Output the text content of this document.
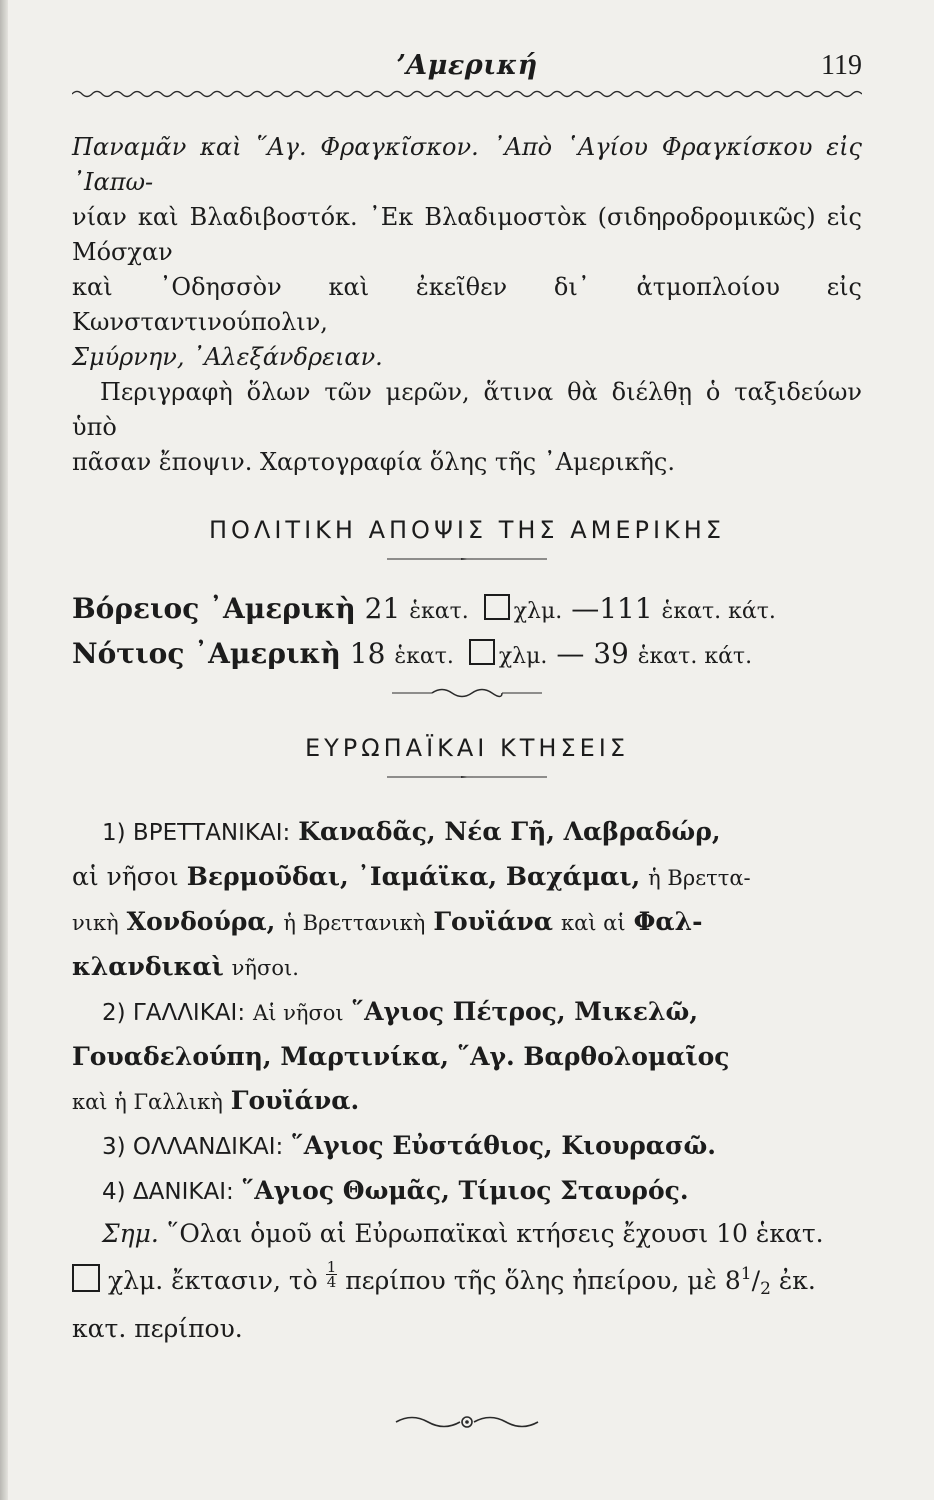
ʼΑμερική	119

Παναμᾶν καὶ ῞Αγ. Φραγκῖσκον. ᾿Απὸ ῾Αγίου Φραγκίσκου εἰς ᾿Ιαπω-

νίαν καὶ Βλαδιβοστόκ. ᾿Εκ Βλαδιμοστὸκ (σιδηροδρομικῶς) εἰς Μόσχαν

καὶ ᾿Οδησσὸν καὶ ἐκεῖθεν δι᾿ ἀτμοπλοίου εἰς Κωνσταντινούπολιν,

Σμύρνην, ᾿Αλεξάνδρειαν.

Περιγραφὴ ὅλων τῶν μερῶν, ἅτινα θὰ διέλθῃ ὁ ταξιδεύων ὑπὸ

πᾶσαν ἔποψιν. Χαρτογραφία ὅλης τῆς ᾿Αμερικῆς.

ΠΟΛΙΤΙΚΗ ΑΠΟΨΙΣ ΤΗΣ ΑΜΕΡΙΚΗΣ

Βόρειος ᾿Αμερικὴ 21 ἑκατ. χλμ. —111 ἑκατ. κάτ.

Νότιος ᾿Αμερικὴ 18 ἑκατ. χλμ. — 39 ἑκατ. κάτ.

ΕΥΡΩΠΑΪΚΑΙ ΚΤΗΣΕΙΣ

1) ΒΡΕΤΤΑΝΙΚΑΙ: Καναδᾶς, Νέα Γῆ, Λαβραδώρ,

αἱ νῆσοι Βερμοῦδαι, ᾿Ιαμάϊκα, Βαχάμαι, ἡ Βρεττα-

νικὴ Χονδούρα, ἡ Βρεττανικὴ Γουϊάνα καὶ αἱ Φαλ-

κλανδικαὶ νῆσοι.

2) ΓΑΛΛΙΚΑΙ: Αἱ νῆσοι ῞Αγιος Πέτρος, Μικελῶ,

Γουαδελούπη, Μαρτινίκα, ῞Αγ. Βαρθολομαῖος

καὶ ἡ Γαλλικὴ Γουϊάνα.

3) ΟΛΛΑΝΔΙΚΑΙ: ῞Αγιος Εὐστάθιος, Κιουρασῶ.

4) ΔΑΝΙΚΑΙ: ῞Αγιος Θωμᾶς, Τίμιος Σταυρός.

Σημ. ῞Ολαι ὁμοῦ αἱ Εὐρωπαϊκαὶ κτήσεις ἔχουσι 10 ἑκατ.

χλμ. ἔκτασιν, τὸ $\frac{1}{4}$ περίπου τῆς ὅλης ἠπείρου, μὲ $8^1/_2$ ἐκ.

κατ. περίπου.
